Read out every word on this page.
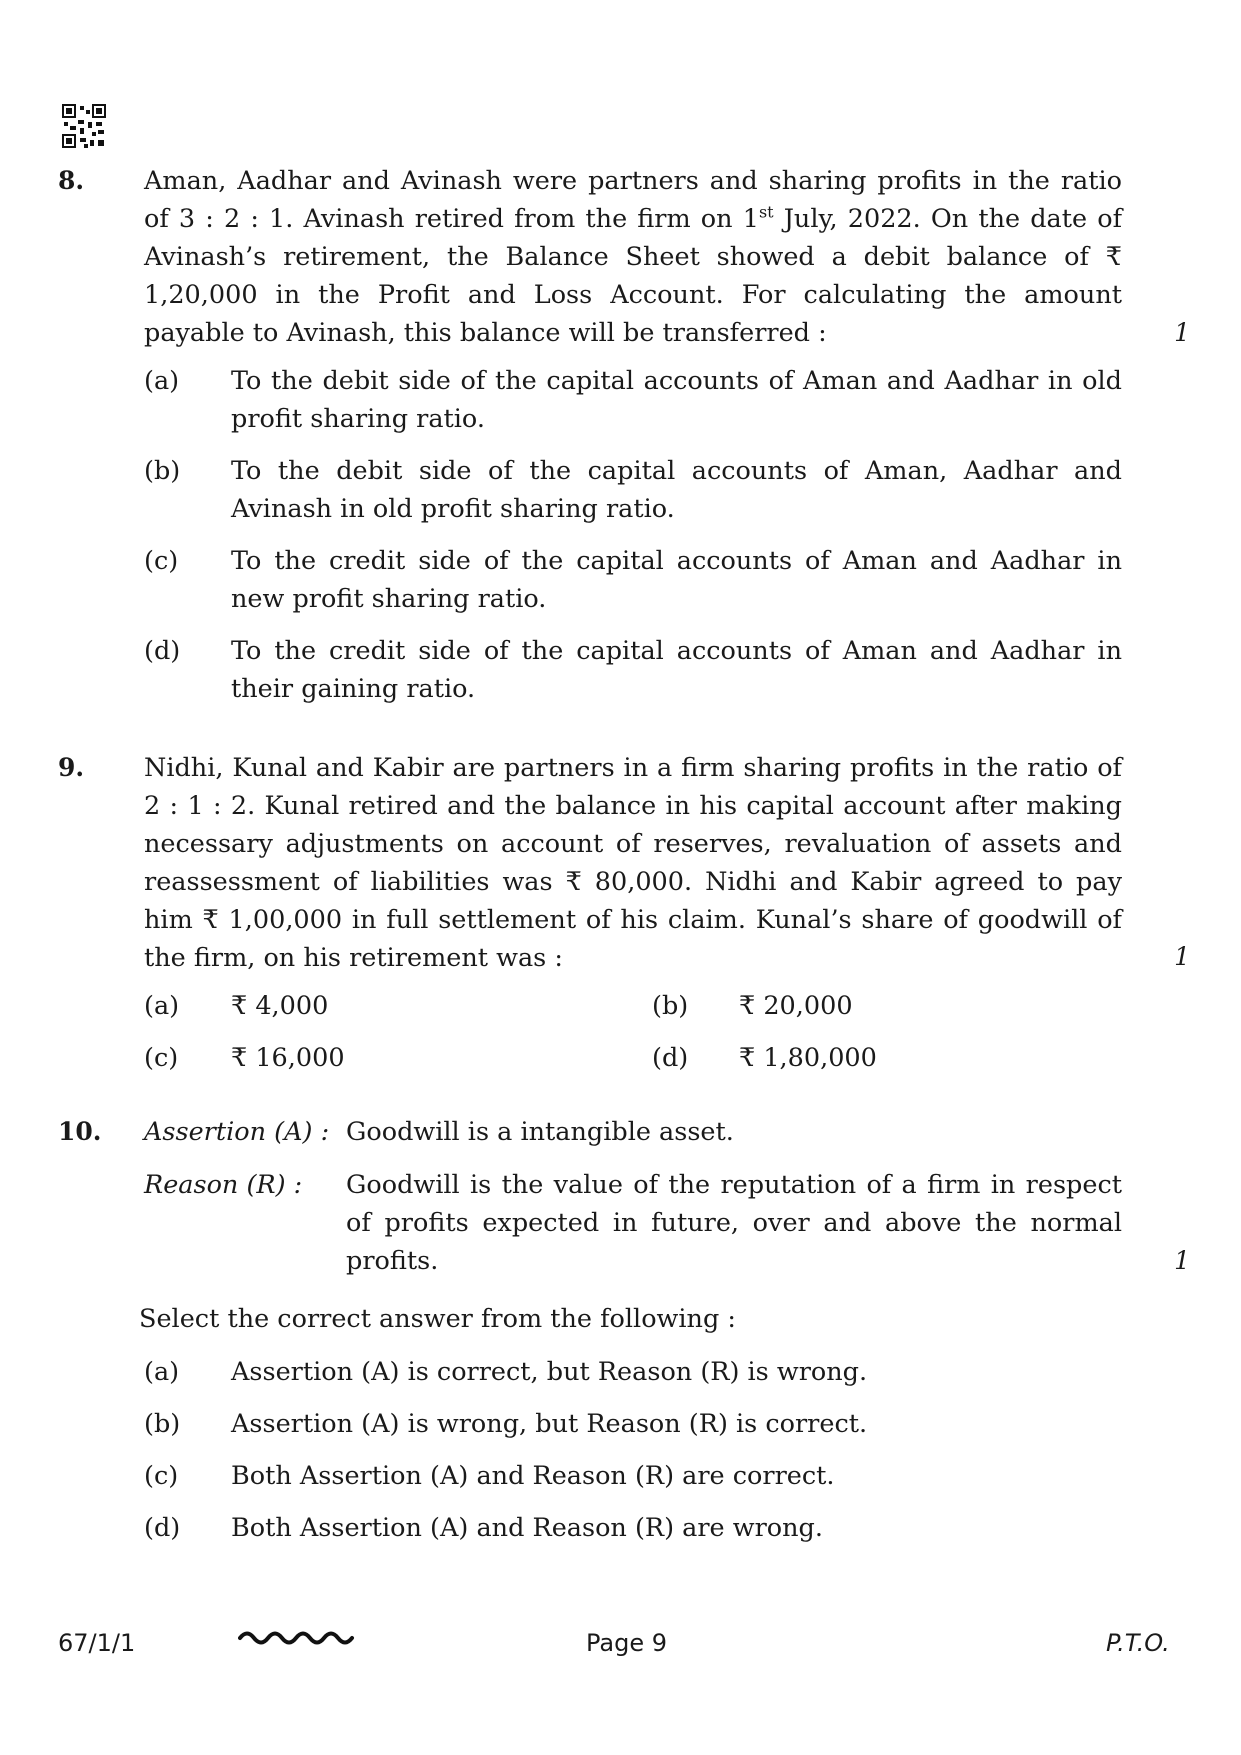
8. Aman, Aadhar and Avinash were partners and sharing profits in the ratio of 3 : 2 : 1. Avinash retired from the firm on 1st July, 2022. On the date of Avinash’s retirement, the Balance Sheet showed a debit balance of ₹ 1,20,000 in the Profit and Loss Account. For calculating the amount payable to Avinash, this balance will be transferred :	1
(a) To the debit side of the capital accounts of Aman and Aadhar in old profit sharing ratio.
(b) To the debit side of the capital accounts of Aman, Aadhar and Avinash in old profit sharing ratio.
(c) To the credit side of the capital accounts of Aman and Aadhar in new profit sharing ratio.
(d) To the credit side of the capital accounts of Aman and Aadhar in their gaining ratio.
9. Nidhi, Kunal and Kabir are partners in a firm sharing profits in the ratio of 2 : 1 : 2. Kunal retired and the balance in his capital account after making necessary adjustments on account of reserves, revaluation of assets and reassessment of liabilities was ₹ 80,000. Nidhi and Kabir agreed to pay him ₹ 1,00,000 in full settlement of his claim. Kunal’s share of goodwill of the firm, on his retirement was :	1
(a) ₹ 4,000	(b) ₹ 20,000
(c) ₹ 16,000	(d) ₹ 1,80,000
10. Assertion (A) : Goodwill is a intangible asset.
Reason (R) :	Goodwill is the value of the reputation of a firm in respect of profits expected in future, over and above the normal profits.	1
Select the correct answer from the following :
(a) Assertion (A) is correct, but Reason (R) is wrong.
(b) Assertion (A) is wrong, but Reason (R) is correct.
(c) Both Assertion (A) and Reason (R) are correct.
(d) Both Assertion (A) and Reason (R) are wrong.
67/1/1	Page 9	P.T.O.
